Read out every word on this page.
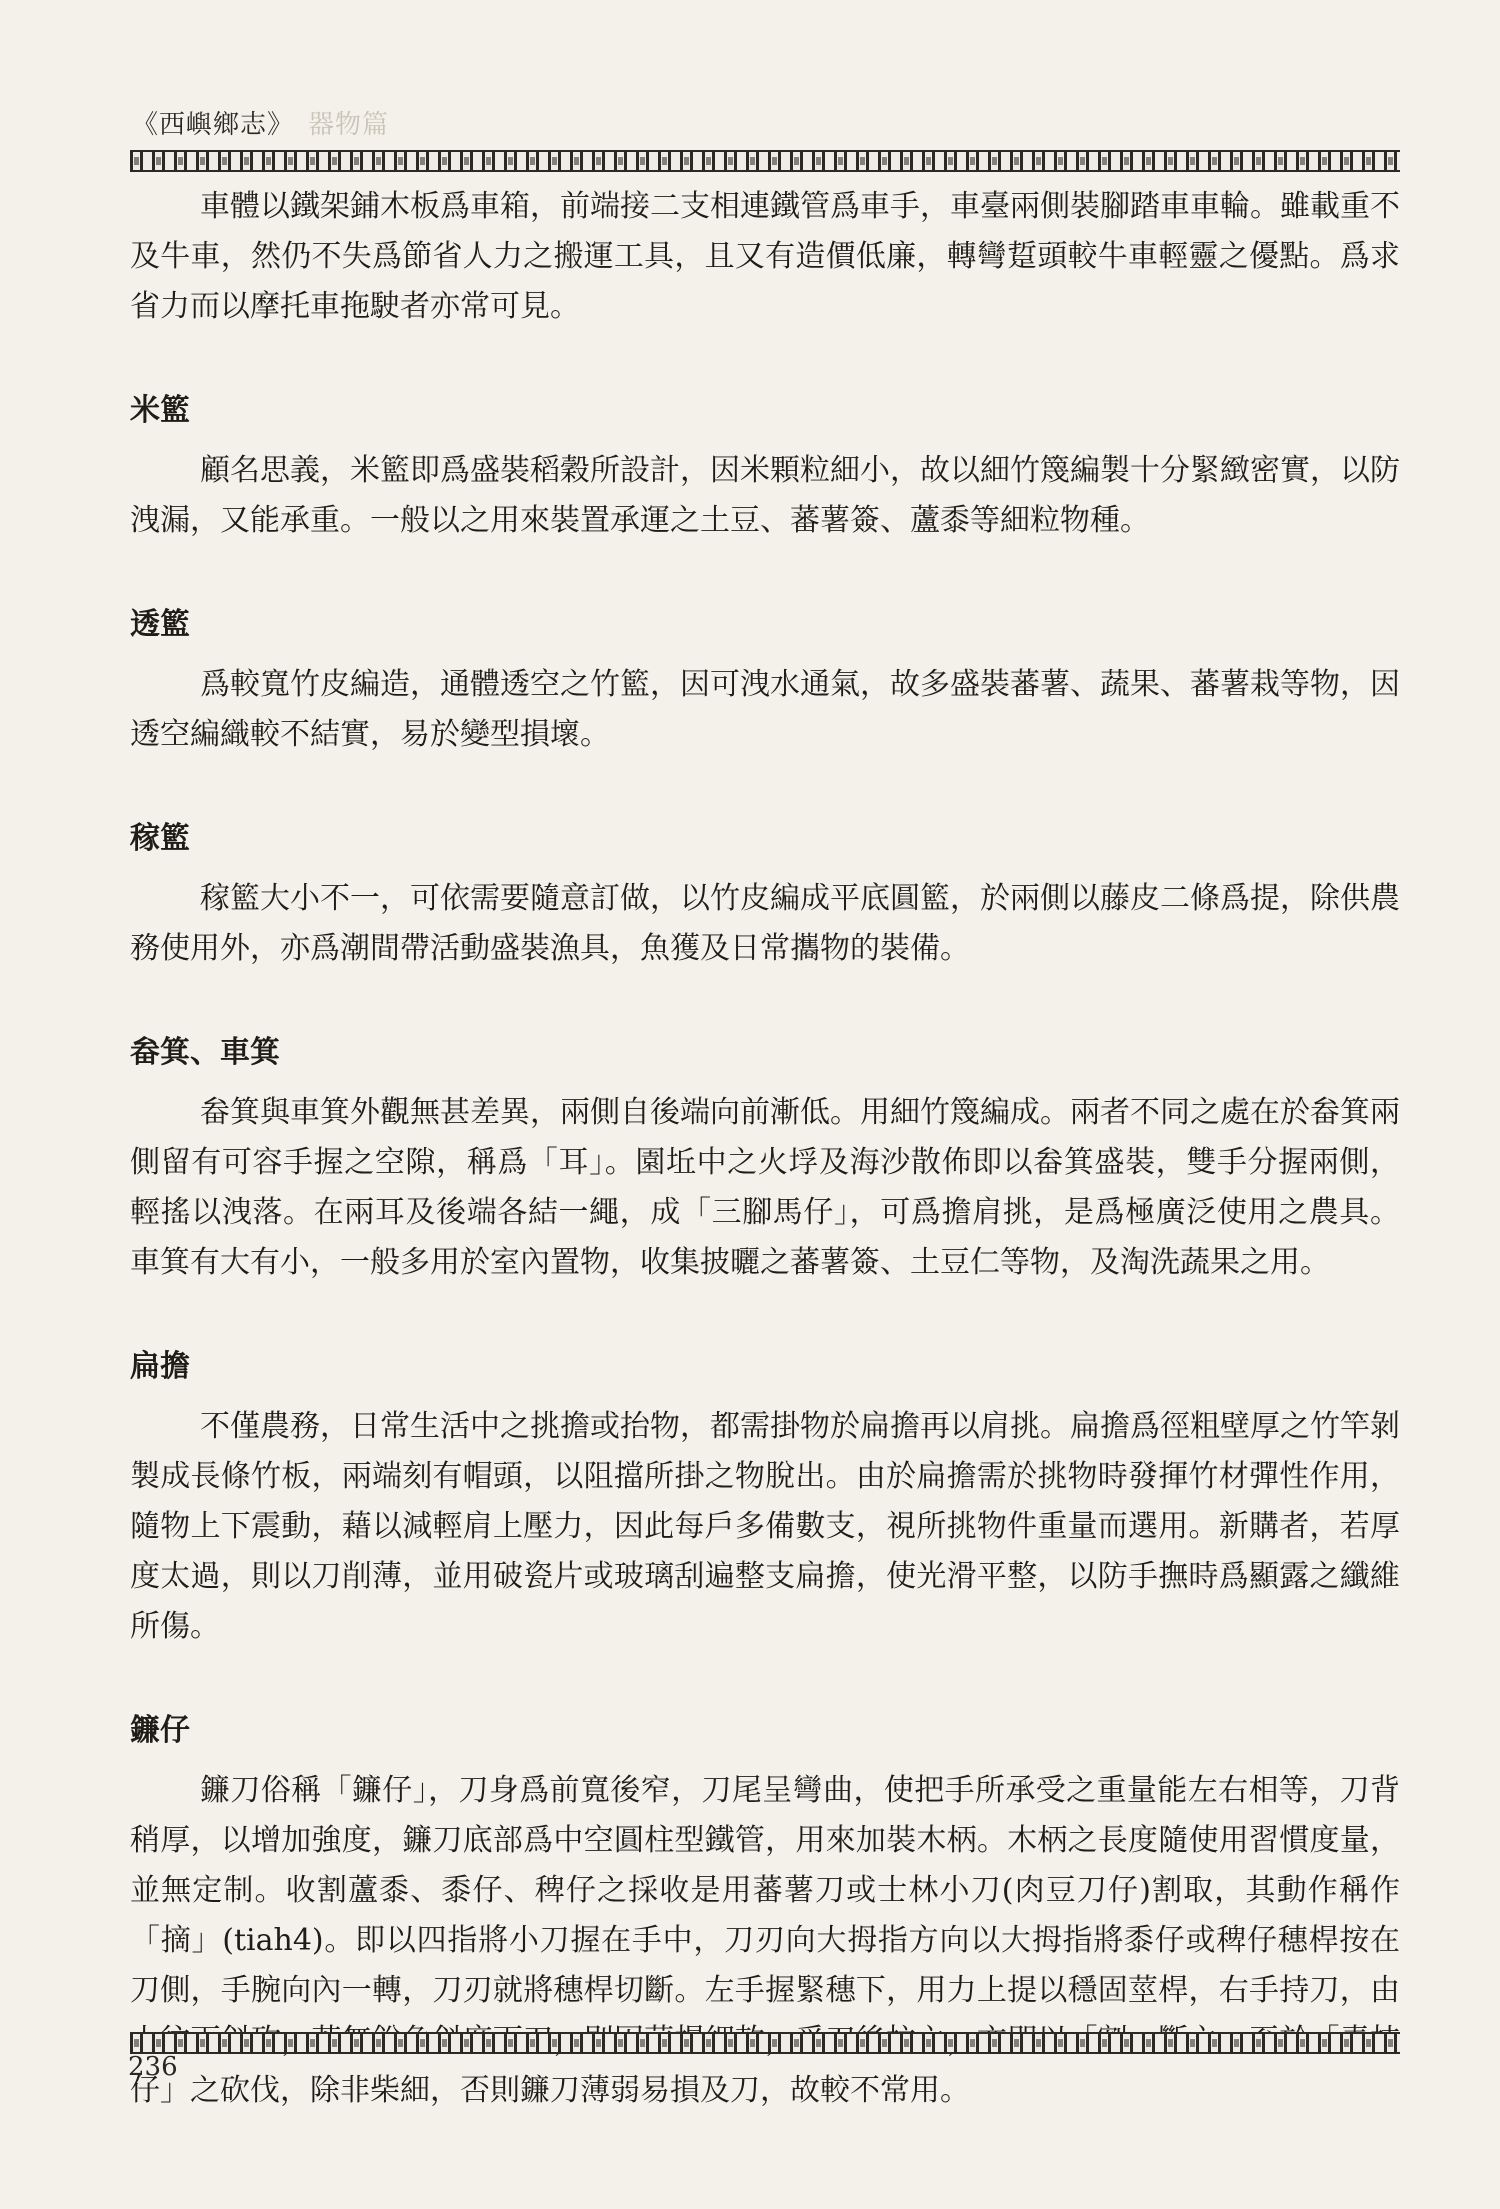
《西嶼鄉志》 器物篇

車體以鐵架鋪木板爲車箱，前端接二支相連鐵管爲車手，車臺兩側裝腳踏車車輪。雖載重不及牛車，然仍不失爲節省人力之搬運工具，且又有造價低廉，轉彎踅頭較牛車輕靈之優點。爲求省力而以摩托車拖駛者亦常可見。

米籃

顧名思義，米籃即爲盛裝稻穀所設計，因米顆粒細小，故以細竹篾編製十分緊緻密實，以防洩漏，又能承重。一般以之用來裝置承運之土豆、蕃薯簽、蘆黍等細粒物種。

透籃

爲較寬竹皮編造，通體透空之竹籃，因可洩水通氣，故多盛裝蕃薯、蔬果、蕃薯栽等物，因透空編織較不結實，易於變型損壞。

稼籃

稼籃大小不一，可依需要隨意訂做，以竹皮編成平底圓籃，於兩側以藤皮二條爲提，除供農務使用外，亦爲潮間帶活動盛裝漁具，魚獲及日常攜物的裝備。

畚箕、車箕

畚箕與車箕外觀無甚差異，兩側自後端向前漸低。用細竹篾編成。兩者不同之處在於畚箕兩側留有可容手握之空隙，稱爲「耳」。園坵中之火垺及海沙散佈即以畚箕盛裝，雙手分握兩側，輕搖以洩落。在兩耳及後端各結一繩，成「三腳馬仔」，可爲擔肩挑，是爲極廣泛使用之農具。車箕有大有小，一般多用於室內置物，收集披曬之蕃薯簽、土豆仁等物，及淘洗蔬果之用。

扁擔

不僅農務，日常生活中之挑擔或抬物，都需掛物於扁擔再以肩挑。扁擔爲徑粗壁厚之竹竿剝製成長條竹板，兩端刻有帽頭，以阻擋所掛之物脫出。由於扁擔需於挑物時發揮竹材彈性作用，隨物上下震動，藉以減輕肩上壓力，因此每戶多備數支，視所挑物件重量而選用。新購者，若厚度太過，則以刀削薄，並用破瓷片或玻璃刮遍整支扁擔，使光滑平整，以防手撫時爲顯露之纖維所傷。

鐮仔

鐮刀俗稱「鐮仔」，刀身爲前寬後窄，刀尾呈彎曲，使把手所承受之重量能左右相等，刀背稍厚，以增加強度，鐮刀底部爲中空圓柱型鐵管，用來加裝木柄。木柄之長度隨使用習慣度量，並無定制。收割蘆黍、黍仔、稗仔之採收是用蕃薯刀或士林小刀(肉豆刀仔)割取，其動作稱作「摘」(tiah4)。即以四指將小刀握在手中，刀刃向大拇指方向以大拇指將黍仔或稗仔穗桿按在刀側，手腕向內一轉，刀刃就將穗桿切斷。左手握緊穗下，用力上提以穩固莖桿，右手持刀，由 仔」之砍伐，除非柴細，否則鐮刀薄弱易損及刀，故較不常用。

236
